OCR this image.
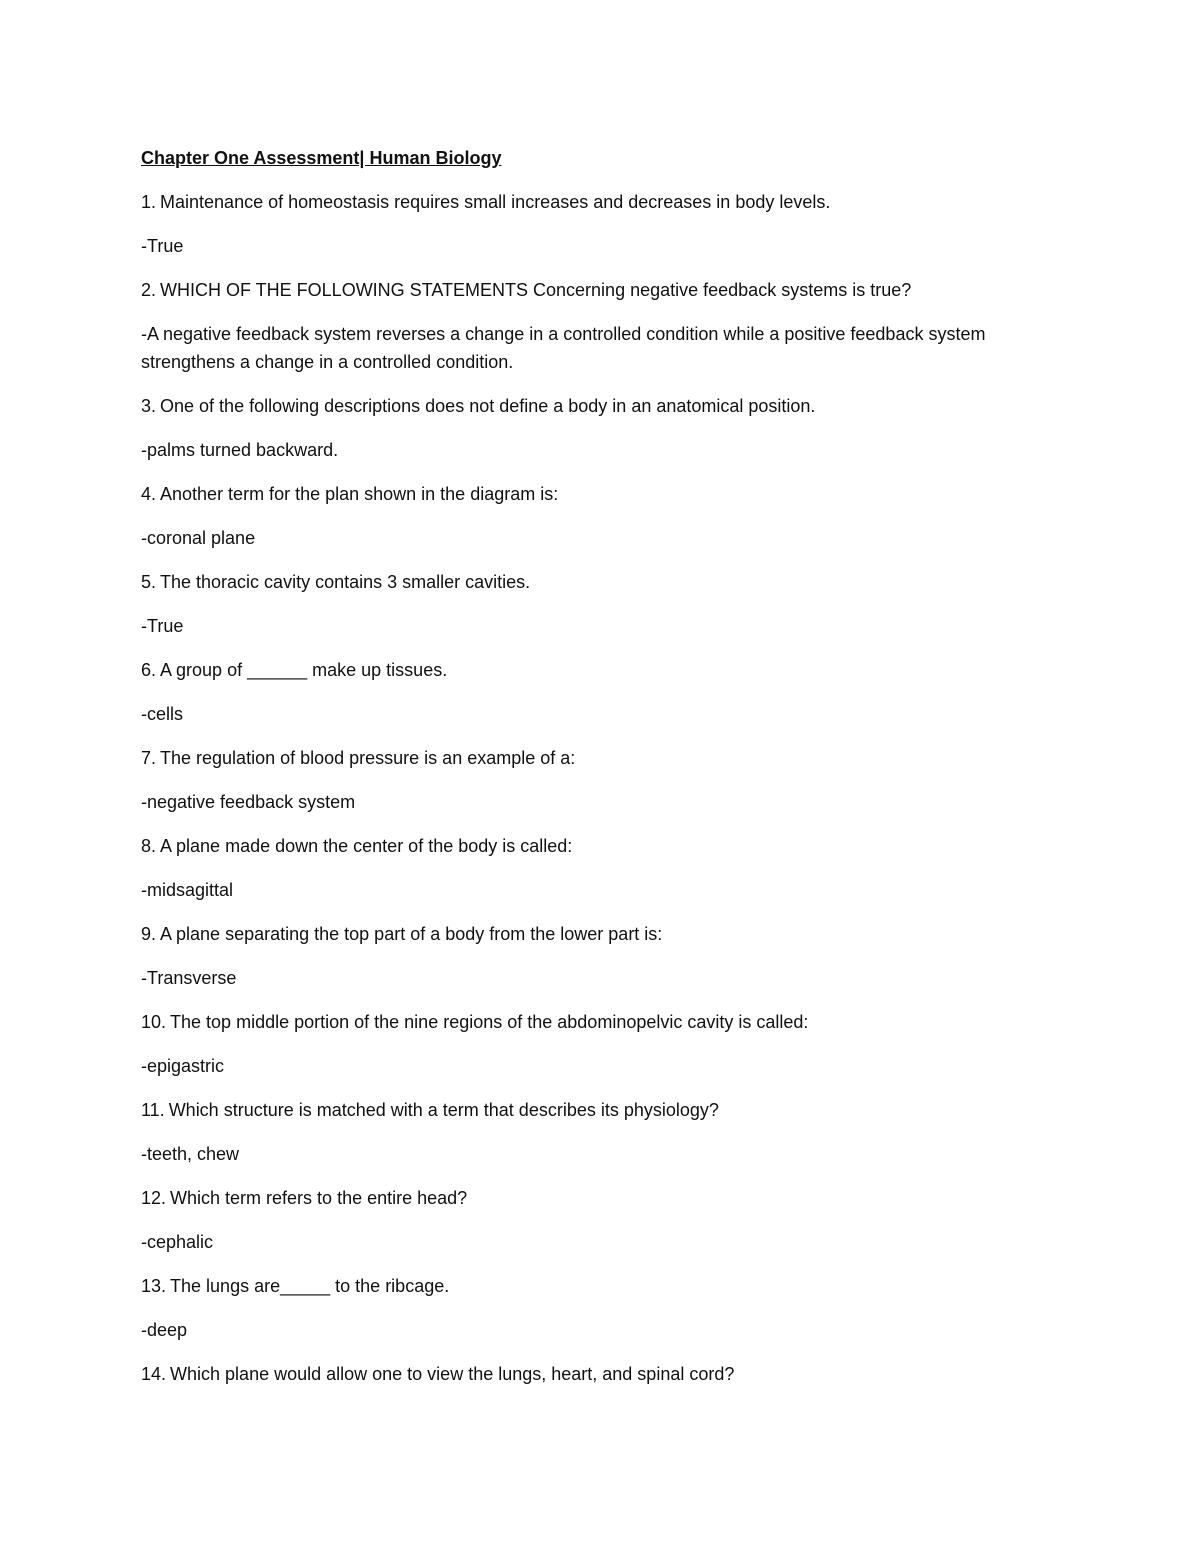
Chapter One Assessment| Human Biology

1. Maintenance of homeostasis requires small increases and decreases in body levels.

-True

2. WHICH OF THE FOLLOWING STATEMENTS Concerning negative feedback systems is true?

-A negative feedback system reverses a change in a controlled condition while a positive feedback system strengthens a change in a controlled condition.

3. One of the following descriptions does not define a body in an anatomical position.

-palms turned backward.

4. Another term for the plan shown in the diagram is:

-coronal plane

5. The thoracic cavity contains 3 smaller cavities.

-True

6. A group of ______ make up tissues.

-cells

7. The regulation of blood pressure is an example of a:

-negative feedback system

8. A plane made down the center of the body is called:

-midsagittal

9. A plane separating the top part of a body from the lower part is:

-Transverse

10. The top middle portion of the nine regions of the abdominopelvic cavity is called:

-epigastric

11. Which structure is matched with a term that describes its physiology?

-teeth, chew

12. Which term refers to the entire head?

-cephalic

13. The lungs are_____ to the ribcage.

-deep

14. Which plane would allow one to view the lungs, heart, and spinal cord?
